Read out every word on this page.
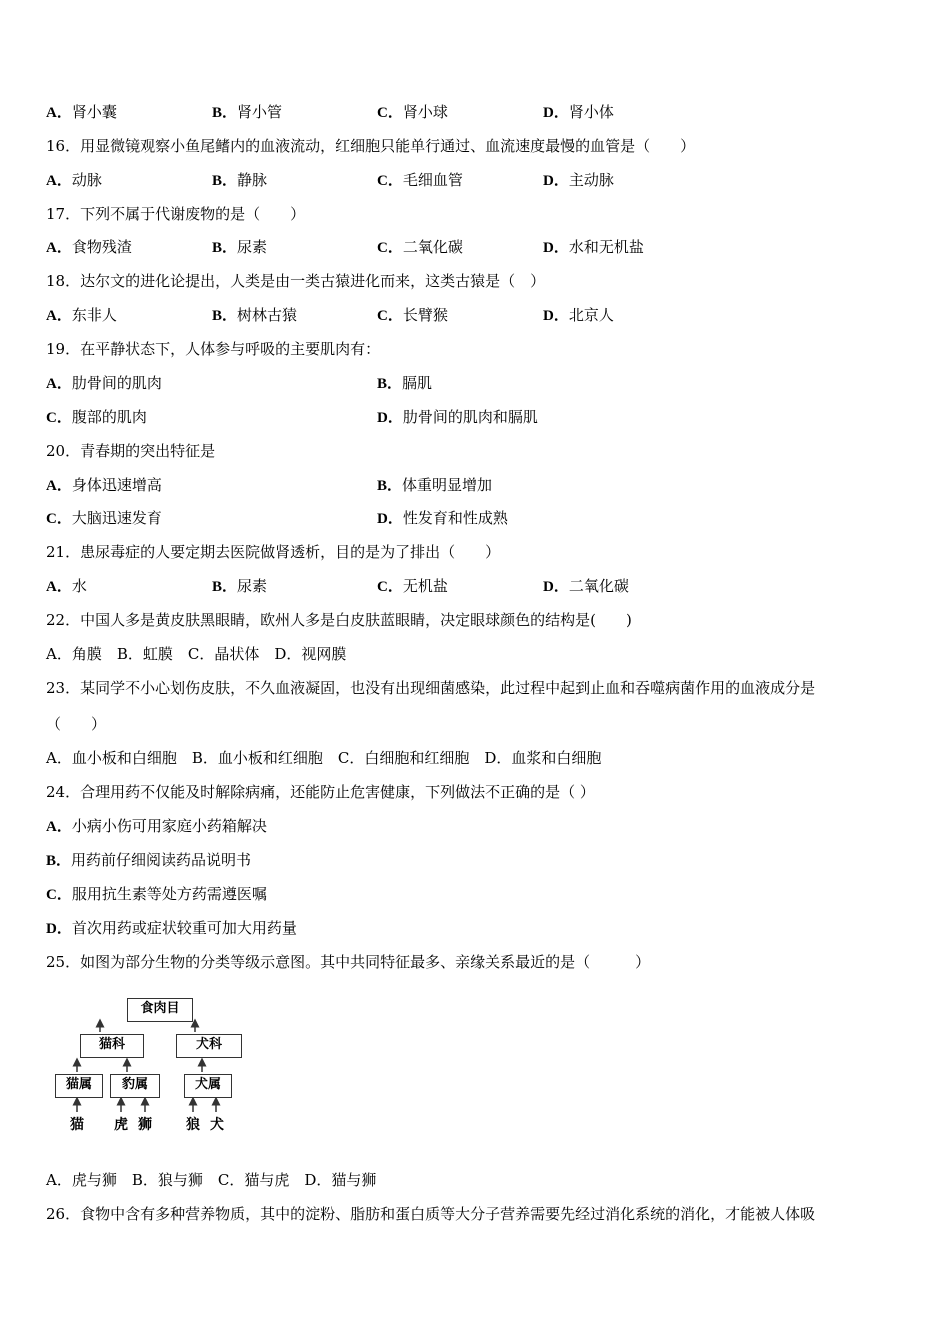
A．肾小囊	B．肾小管	C．肾小球	D．肾小体
16．用显微镜观察小鱼尾鳍内的血液流动，红细胞只能单行通过、血流速度最慢的血管是（　　）
A．动脉	B．静脉	C．毛细血管	D．主动脉
17．下列不属于代谢废物的是（　　）
A．食物残渣	B．尿素	C．二氧化碳	D．水和无机盐
18．达尔文的进化论提出，人类是由一类古猿进化而来，这类古猿是（　）
A．东非人	B．树林古猿	C．长臂猴	D．北京人
19．在平静状态下，人体参与呼吸的主要肌肉有：
A．肋骨间的肌肉	B．膈肌
C．腹部的肌肉	D．肋骨间的肌肉和膈肌
20．青春期的突出特征是
A．身体迅速增高	B．体重明显增加
C．大脑迅速发育	D．性发育和性成熟
21．患尿毒症的人要定期去医院做肾透析，目的是为了排出（　　）
A．水	B．尿素	C．无机盐	D．二氧化碳
22．中国人多是黄皮肤黑眼睛，欧州人多是白皮肤蓝眼睛，决定眼球颜色的结构是(　　)
A．角膜　B．虹膜　C．晶状体　D．视网膜
23．某同学不小心划伤皮肤，不久血液凝固，也没有出现细菌感染，此过程中起到止血和吞噬病菌作用的血液成分是
（　　）
A．血小板和白细胞　B．血小板和红细胞　C．白细胞和红细胞　D．血浆和白细胞
24．合理用药不仅能及时解除病痛，还能防止危害健康，下列做法不正确的是（ ）
A．小病小伤可用家庭小药箱解决
B．用药前仔细阅读药品说明书
C．服用抗生素等处方药需遵医嘱
D．首次用药或症状较重可加大用药量
25．如图为部分生物的分类等级示意图。其中共同特征最多、亲缘关系最近的是（　　　）
食肉目
猫科	犬科
猫属	豹属	犬属
猫 虎 狮 狼 犬
A．虎与狮　B．狼与狮　C．猫与虎　D．猫与狮
26．食物中含有多种营养物质，其中的淀粉、脂肪和蛋白质等大分子营养需要先经过消化系统的消化，才能被人体吸
